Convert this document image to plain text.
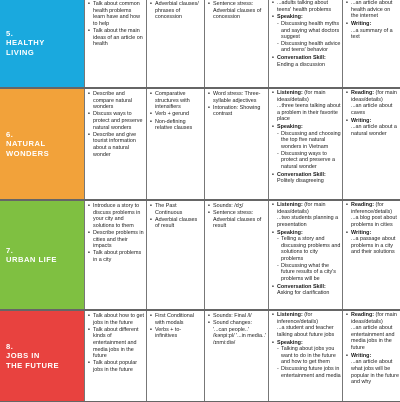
5.
HEALTHY
LIVING
• Talk about common health problems learn have and how to help
• Talk about the main ideas of an article on health
• Adverbial clauses/ phrases of concession
• Sentence stress: Adverbial clauses of concession
• ...adults talking about teens' health problems
• Speaking:
- Discussing health myths and saying what doctors suggest
- Discussing health advice and teens' behavior
• Conversation Skill:
Ending a discussion
• ...an article about health advice on the internet
• Writing:
...a summary of a text
6.
NATURAL
WONDERS
• Describe and compare natural wonders
• Discuss ways to protect and preserve natural wonders
• Describe and give tourist information about a natural wonder
• Comparative structures with intensifiers
• Verb + gerund
• Non-defining relative clauses
• Word stress: Three-syllable adjectives
• Intonation: Showing contrast
• Listening: (for main ideas/details)
...three teens talking about a problem in their favorite place
• Speaking:
- Discussing and choosing the top five natural wonders in Vietnam
- Discussing ways to protect and preserve a natural wonder
• Conversation Skill:
Politely disagreeing
• Reading: (for main ideas/details)
...an article about caves
• Writing:
...an article about a natural wonder
7.
URBAN LIFE
• Introduce a story to discuss problems in your city and solutions to them
• Describe problems in cities and their impacts
• Talk about problems in a city
• The Past Continuous
• Adverbial clauses of result
• Sounds: /dʒ/
• Sentence stress: Adverbial clauses of result
• Listening: (for main ideas/details)
...two students planning a presentation
• Speaking:
- Telling a story and discussing problems and solutions to city problems
- Discussing what the future results of a city's problems will be
• Conversation Skill:
Asking for clarification
• Reading: (for inference/details)
...a blog post about problems in cities
• Writing:
...a passage about problems in a city and their solutions
8.
JOBS IN
THE FUTURE
• Talk about how to get jobs in the future
• Talk about different kinds of entertainment and media jobs in the future
• Talk about popular jobs in the future
• First Conditional with modals
• Verbs + to-infinitives
• Sounds: Final /l/
• Sound changes: '...can people..' /kənpi:pl/ '...in media..' /ɪnmi:diə/
• Listening: (for inference/details)
...a student and teacher talking about future jobs
• Speaking:
- Talking about jobs you want to do in the future and how to get them
- Discussing future jobs in entertainment and media
• Reading: (for main ideas/details)
...an article about entertainment and media jobs in the future
• Writing:
...an article about what jobs will be popular in the future and why
